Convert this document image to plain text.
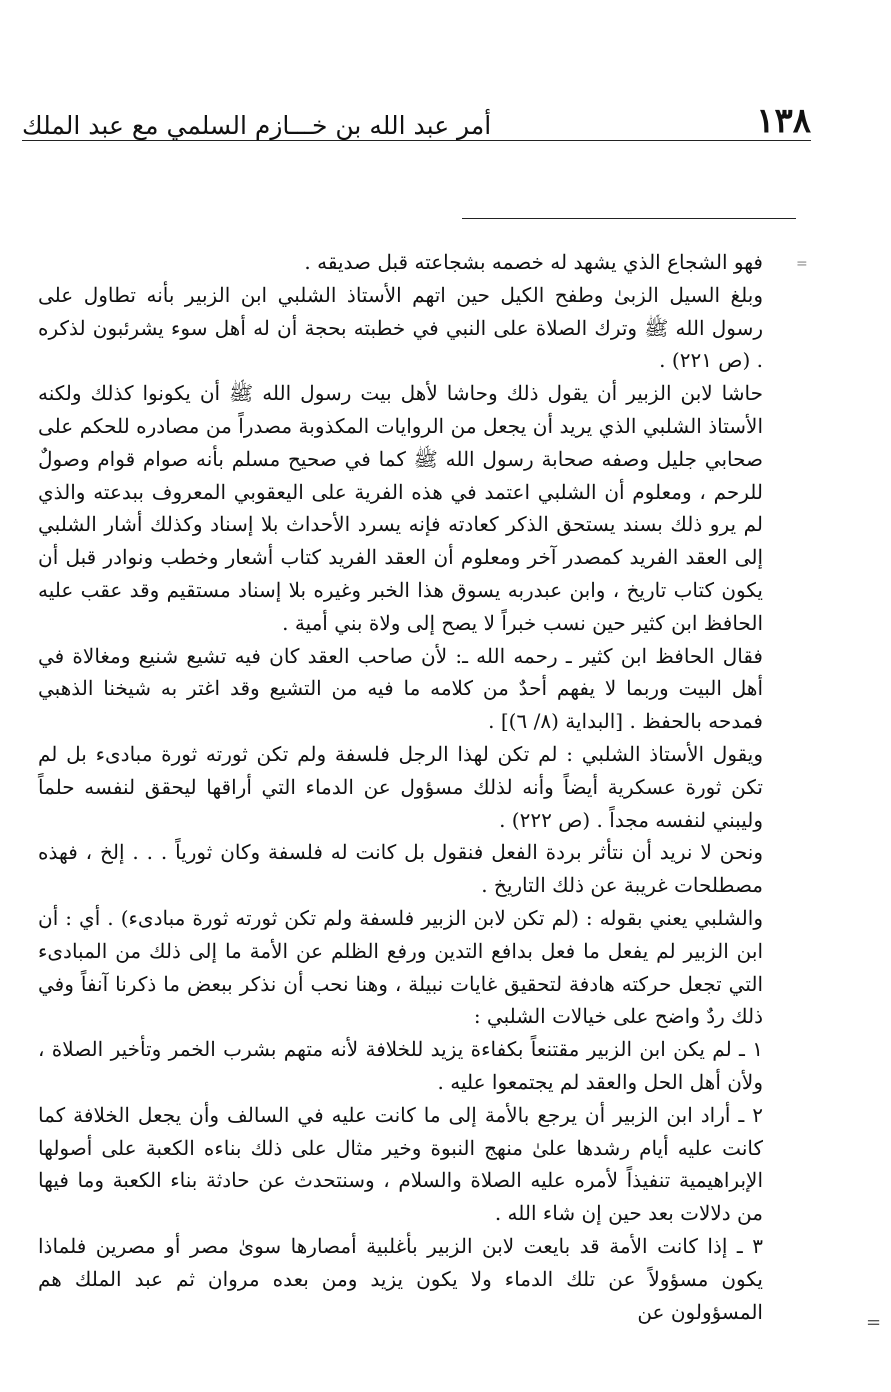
١٣٨
أمر عبد الله بن خـــازم السلمي مع عبد الملك
=

فهو الشجاع الذي يشهد له خصمه بشجاعته قبل صديقه .

وبلغ السيل الزبىٰ وطفح الكيل حين اتهم الأستاذ الشلبي ابن الزبير بأنه تطاول على رسول الله ﷺ وترك الصلاة على النبي في خطبته بحجة أن له أهل سوء يشرئبون لذكره . (ص ٢٢١) .

حاشا لابن الزبير أن يقول ذلك وحاشا لأهل بيت رسول الله ﷺ أن يكونوا كذلك ولكنه الأستاذ الشلبي الذي يريد أن يجعل من الروايات المكذوبة مصدراً من مصادره للحكم على صحابي جليل وصفه صحابة رسول الله ﷺ كما في صحيح مسلم بأنه صوام قوام وصولٌ للرحم ، ومعلوم أن الشلبي اعتمد في هذه الفرية على اليعقوبي المعروف ببدعته والذي لم يرو ذلك بسند يستحق الذكر كعادته فإنه يسرد الأحداث بلا إسناد وكذلك أشار الشلبي إلى العقد الفريد كمصدر آخر ومعلوم أن العقد الفريد كتاب أشعار وخطب ونوادر قبل أن يكون كتاب تاريخ ، وابن عبدربه يسوق هذا الخبر وغيره بلا إسناد مستقيم وقد عقب عليه الحافظ ابن كثير حين نسب خبراً لا يصح إلى ولاة بني أمية .

فقال الحافظ ابن كثير ـ رحمه الله ـ: لأن صاحب العقد كان فيه تشيع شنيع ومغالاة في أهل البيت وربما لا يفهم أحدٌ من كلامه ما فيه من التشيع وقد اغتر به شيخنا الذهبي فمدحه بالحفظ . [البداية (٨/ ٦)] .

ويقول الأستاذ الشلبي : لم تكن لهذا الرجل فلسفة ولم تكن ثورته ثورة مبادىء بل لم تكن ثورة عسكرية أيضاً وأنه لذلك مسؤول عن الدماء التي أراقها ليحقق لنفسه حلماً وليبني لنفسه مجداً . (ص ٢٢٢) .

ونحن لا نريد أن نتأثر بردة الفعل فنقول بل كانت له فلسفة وكان ثورياً . . . إلخ ، فهذه مصطلحات غريبة عن ذلك التاريخ .

والشلبي يعني بقوله : (لم تكن لابن الزبير فلسفة ولم تكن ثورته ثورة مبادىء) . أي : أن ابن الزبير لم يفعل ما فعل بدافع التدين ورفع الظلم عن الأمة ما إلى ذلك من المبادىء التي تجعل حركته هادفة لتحقيق غايات نبيلة ، وهنا نحب أن نذكر ببعض ما ذكرنا آنفاً وفي ذلك ردٌ واضح على خيالات الشلبي :

١ ـ لم يكن ابن الزبير مقتنعاً بكفاءة يزيد للخلافة لأنه متهم بشرب الخمر وتأخير الصلاة ، ولأن أهل الحل والعقد لم يجتمعوا عليه .

٢ ـ أراد ابن الزبير أن يرجع بالأمة إلى ما كانت عليه في السالف وأن يجعل الخلافة كما كانت عليه أيام رشدها علىٰ منهج النبوة وخير مثال على ذلك بناءه الكعبة على أصولها الإبراهيمية تنفيذاً لأمره عليه الصلاة والسلام ، وسنتحدث عن حادثة بناء الكعبة وما فيها من دلالات بعد حين إن شاء الله .

٣ ـ إذا كانت الأمة قد بايعت لابن الزبير بأغلبية أمصارها سوىٰ مصر أو مصرين فلماذا يكون مسؤولاً عن تلك الدماء ولا يكون يزيد ومن بعده مروان ثم عبد الملك هم المسؤولون عن	=
